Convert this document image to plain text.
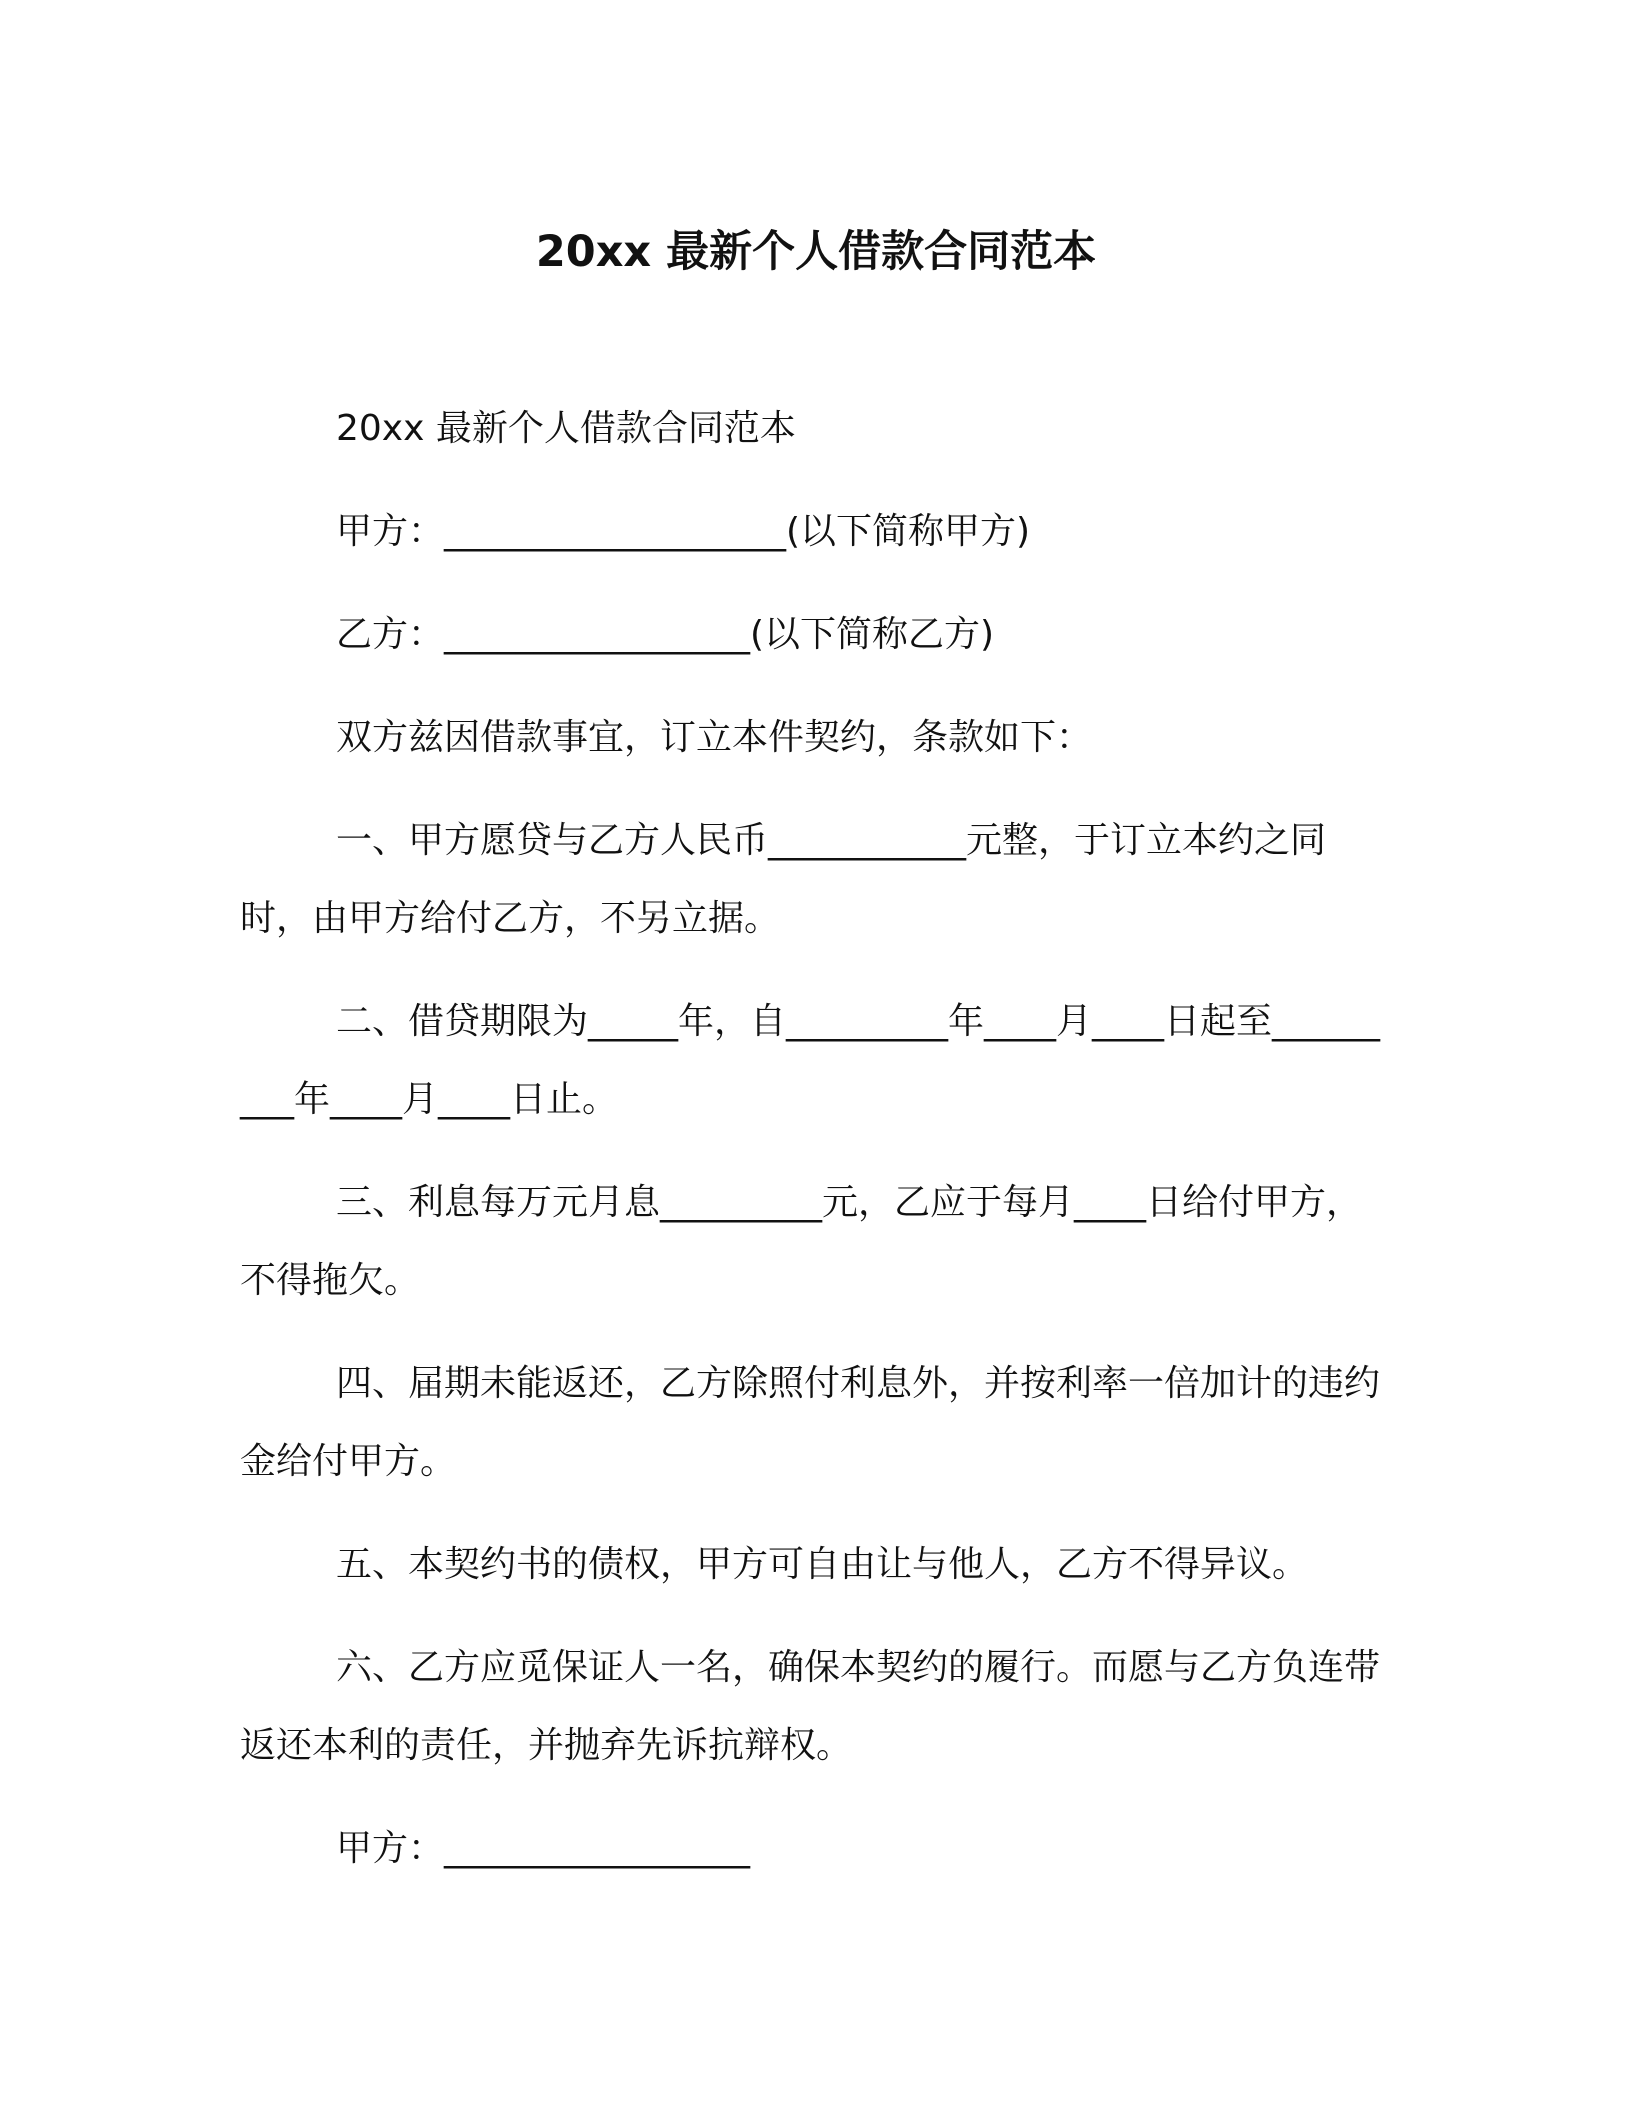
20xx 最新个人借款合同范本

20xx 最新个人借款合同范本

甲方：___________________(以下简称甲方)

乙方：_________________(以下简称乙方)

双方兹因借款事宜，订立本件契约，条款如下：

一、甲方愿贷与乙方人民币___________元整，于订立本约之同时，由甲方给付乙方，不另立据。

二、借贷期限为_____年，自_________年____月____日起至_________年____月____日止。

三、利息每万元月息_________元，乙应于每月____日给付甲方，不得拖欠。

四、届期未能返还，乙方除照付利息外，并按利率一倍加计的违约金给付甲方。

五、本契约书的债权，甲方可自由让与他人，乙方不得异议。

六、乙方应觅保证人一名，确保本契约的履行。而愿与乙方负连带返还本利的责任，并抛弃先诉抗辩权。

甲方：_________________
